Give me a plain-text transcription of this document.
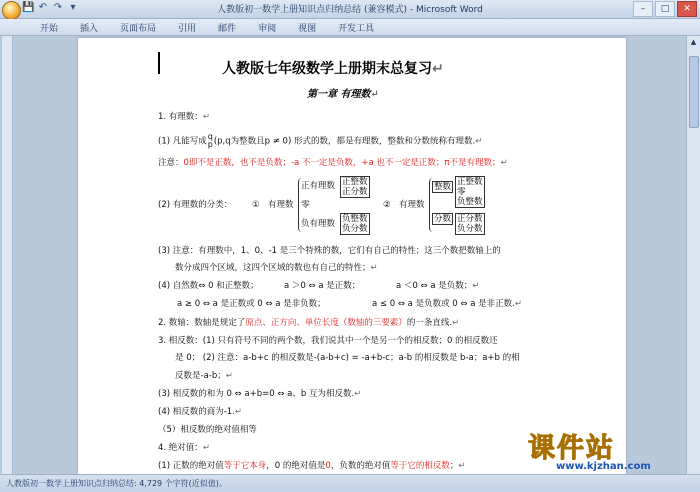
💾 ↶ ↷ ▾	人教版初一数学上册知识点归纳总结 (兼容模式) - Microsoft Word	–	□	✕
开始 插入 页面布局 引用 邮件 审阅 视图 开发工具
▲
人教版七年级数学上册期末总复习↵
第一章 有理数↵
1. 有理数：↵
(1) 凡能写成 q
p (p,q为整数且p ≠ 0) 形式的数，都是有理数，整数和分数统称有理数.↵
注意：0即不是正数，也不是负数；-a 不一定是负数，+a 也不一定是正数；π不是有理数；↵
(2) 有理数的分类： ① 有理数
正有理数
零
负有理数
正整数
正分数
负整数
负分数
② 有理数
整数
分数
正整数
零
负整数
正分数
负分数
(3) 注意：有理数中，1、0、-1 是三个特殊的数，它们有自己的特性；这三个数把数轴上的
数分成四个区域，这四个区域的数也有自己的特性；↵
(4) 自然数⇔ 0 和正整数；	a ＞0 ⇔ a 是正数；	a ＜0 ⇔ a 是负数；↵
a ≥ 0 ⇔ a 是正数或 0 ⇔ a 是非负数；	a ≤ 0 ⇔ a 是负数或 0 ⇔ a 是非正数.↵
2. 数轴：数轴是规定了原点、正方向、单位长度（数轴的三要素）的一条直线.↵
3. 相反数：(1) 只有符号不同的两个数，我们说其中一个是另一个的相反数；0 的相反数还
是 0； (2) 注意：a-b+c 的相反数是-(a-b+c) = -a+b-c；a-b 的相反数是 b-a；a+b 的相
反数是-a-b；↵
(3) 相反数的和为 0 ⇔ a+b=0 ⇔ a、b 互为相反数.↵
(4) 相反数的商为-1.↵
（5）相反数的绝对值相等
4. 绝对值：↵
(1) 正数的绝对值等于它本身，0 的绝对值是0，负数的绝对值等于它的相反数；↵
课件站
www.kjzhan.com
人教版初一数学上册知识点归纳总结: 4,729 个字符(近似值)。
